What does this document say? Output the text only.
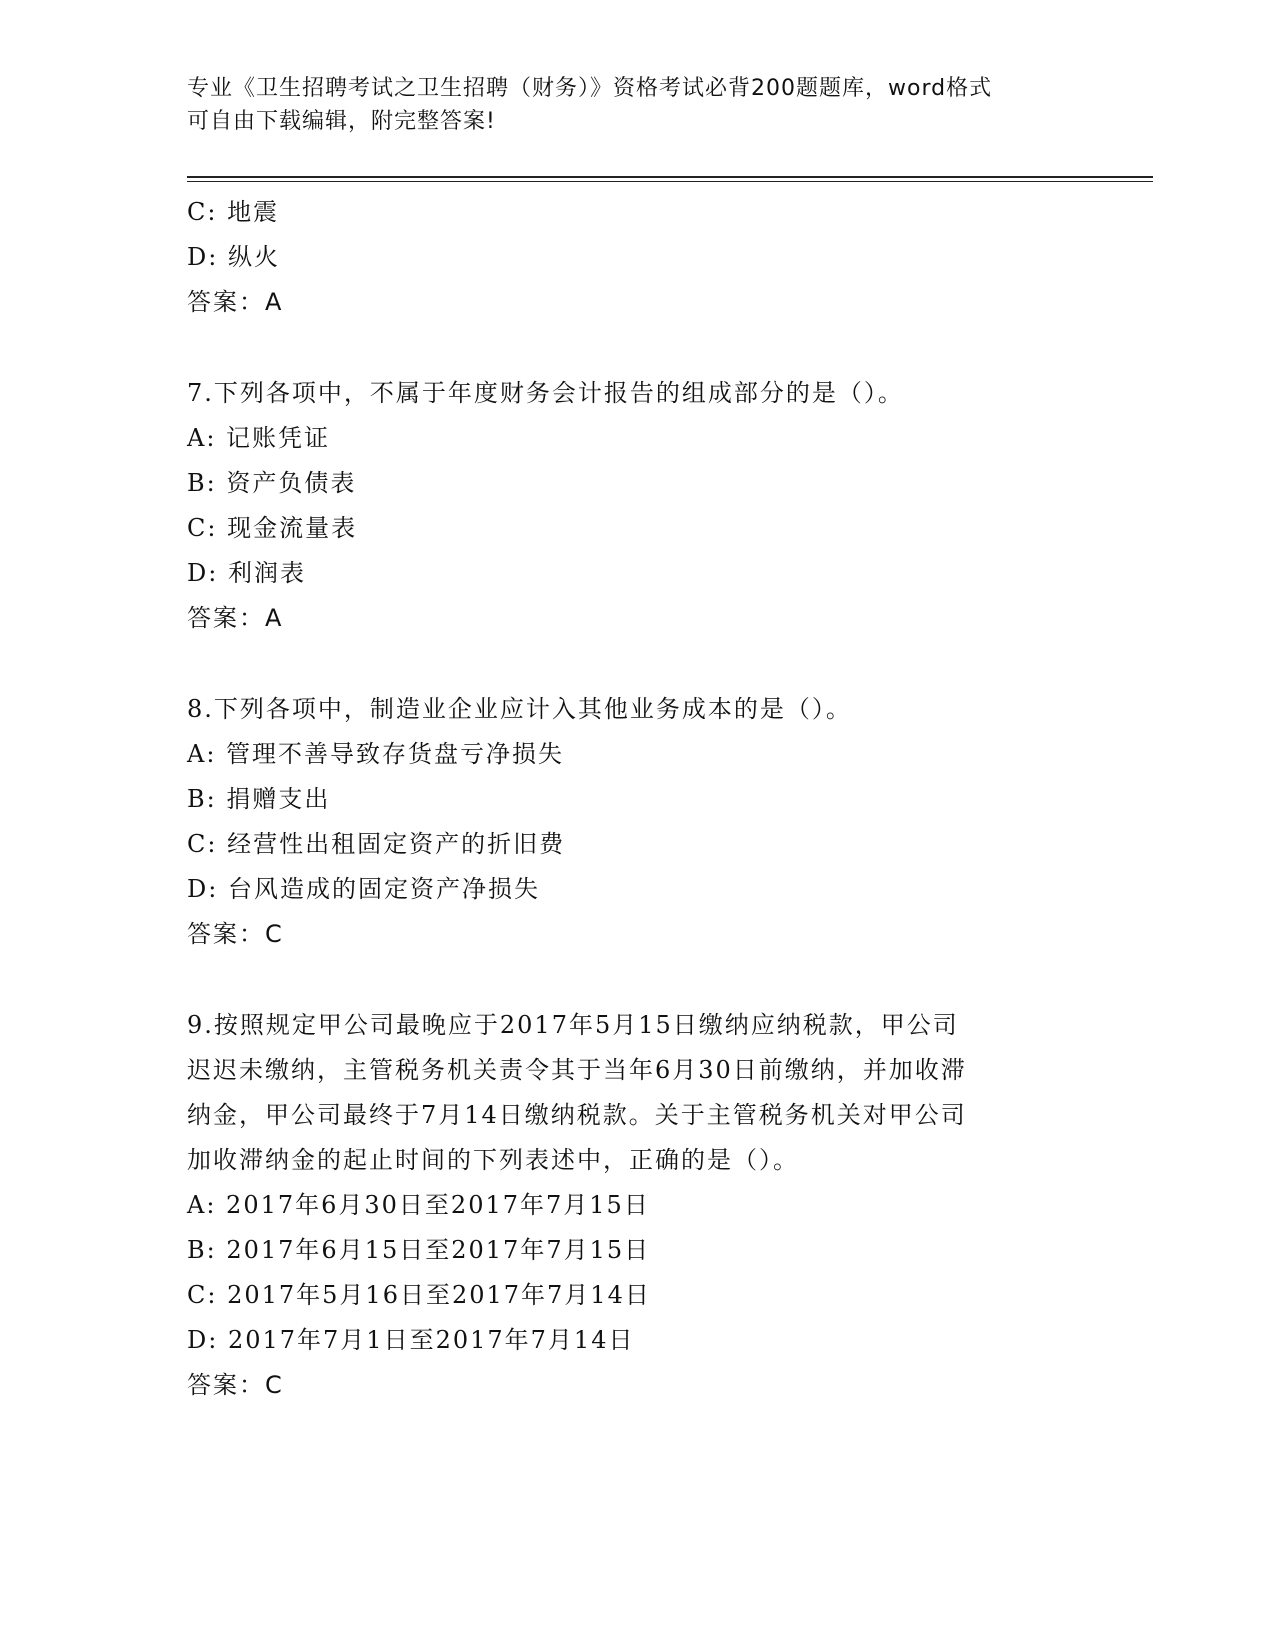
专业《卫生招聘考试之卫生招聘（财务）》资格考试必背200题题库，word格式
可自由下载编辑，附完整答案!
C: 地震
D: 纵火
答案：A
7.下列各项中，不属于年度财务会计报告的组成部分的是（）。
A: 记账凭证
B: 资产负债表
C: 现金流量表
D: 利润表
答案：A
8.下列各项中，制造业企业应计入其他业务成本的是（）。
A: 管理不善导致存货盘亏净损失
B: 捐赠支出
C: 经营性出租固定资产的折旧费
D: 台风造成的固定资产净损失
答案：C
9.按照规定甲公司最晚应于2017年5月15日缴纳应纳税款，甲公司
迟迟未缴纳，主管税务机关责令其于当年6月30日前缴纳，并加收滞
纳金，甲公司最终于7月14日缴纳税款。关于主管税务机关对甲公司
加收滞纳金的起止时间的下列表述中，正确的是（）。
A: 2017年6月30日至2017年7月15日
B: 2017年6月15日至2017年7月15日
C: 2017年5月16日至2017年7月14日
D: 2017年7月1日至2017年7月14日
答案：C
